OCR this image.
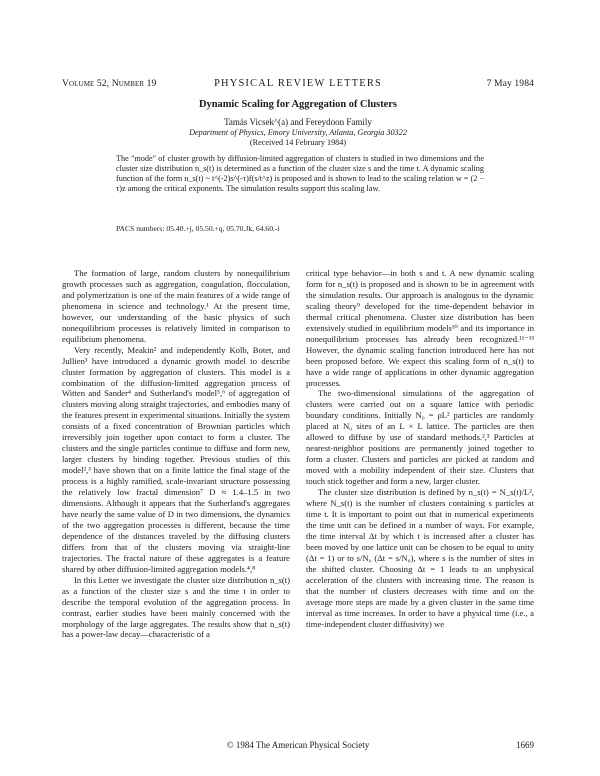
Volume 52, Number 19	PHYSICAL REVIEW LETTERS	7 May 1984
Dynamic Scaling for Aggregation of Clusters
Tamás Vicsek^(a) and Fereydoon Family
Department of Physics, Emory University, Atlanta, Georgia 30322
(Received 14 February 1984)
The "mode" of cluster growth by diffusion-limited aggregation of clusters is studied in two dimensions and the cluster size distribution n_s(t) is determined as a function of the cluster size s and the time t. A dynamic scaling function of the form n_s(t) ~ t^(-2)s^(-τ)f(s/t^z) is proposed and is shown to lead to the scaling relation w = (2 − τ)z among the critical exponents. The simulation results support this scaling law.
PACS numbers: 05.40.+j, 05.50.+q, 05.70.Jk, 64.60.-i

The formation of large, random clusters by nonequilibrium growth processes such as aggregation, coagulation, flocculation, and polymerization is one of the main features of a wide range of phenomena in science and technology.¹ At the present time, however, our understanding of the basic physics of such nonequilibrium processes is relatively limited in comparison to equilibrium phenomena.

Very recently, Meakin² and independently Kolb, Botet, and Jullien³ have introduced a dynamic growth model to describe cluster formation by aggregation of clusters. This model is a combination of the diffusion-limited aggregation process of Witten and Sander⁴ and Sutherland's model⁵,⁶ of aggregation of clusters moving along straight trajectories, and embodies many of the features present in experimental situations. Initially the system consists of a fixed concentration of Brownian particles which irreversibly join together upon contact to form a cluster. The clusters and the single particles continue to diffuse and form new, larger clusters by binding together. Previous studies of this model²,³ have shown that on a finite lattice the final stage of the process is a highly ramified, scale-invariant structure possessing the relatively low fractal dimension⁷ D ≈ 1.4–1.5 in two dimensions. Although it appears that the Sutherland's aggregates have nearly the same value of D in two dimensions, the dynamics of the two aggregation processes is different, because the time dependence of the distances traveled by the diffusing clusters differs from that of the clusters moving via straight-line trajectories. The fractal nature of these aggregates is a feature shared by other diffusion-limited aggregation models.⁴,⁸

In this Letter we investigate the cluster size distribution n_s(t) as a function of the cluster size s and the time t in order to describe the temporal evolution of the aggregation process. In contrast, earlier studies have been mainly concerned with the morphology of the large aggregates. The results show that n_s(t) has a power-law decay—characteristic of a

critical type behavior—in both s and t. A new dynamic scaling form for n_s(t) is proposed and is shown to be in agreement with the simulation results. Our approach is analogous to the dynamic scaling theory⁹ developed for the time-dependent behavior in thermal critical phenomena. Cluster size distribution has been extensively studied in equilibrium models¹⁰ and its importance in nonequilibrium processes has already been recognized.¹¹⁻¹³ However, the dynamic scaling function introduced here has not been proposed before. We expect this scaling form of n_s(t) to have a wide range of applications in other dynamic aggregation processes.

The two-dimensional simulations of the aggregation of clusters were carried out on a square lattice with periodic boundary conditions. Initially N₀ = ρL² particles are randomly placed at N₀ sites of an L × L lattice. The particles are then allowed to diffuse by use of standard methods.²,³ Particles at nearest-neighbor positions are permanently joined together to form a cluster. Clusters and particles are picked at random and moved with a mobility independent of their size. Clusters that touch stick together and form a new, larger cluster.

The cluster size distribution is defined by n_s(t) = N_s(t)/L², where N_s(t) is the number of clusters containing s particles at time t. It is important to point out that in numerical experiments the time unit can be defined in a number of ways. For example, the time interval Δt by which t is increased after a cluster has been moved by one lattice unit can be chosen to be equal to unity (Δt = 1) or to s/N₀ (Δt = s/N₀), where s is the number of sites in the shifted cluster. Choosing Δt = 1 leads to an unphysical acceleration of the clusters with increasing time. The reason is that the number of clusters decreases with time and on the average more steps are made by a given cluster in the same time interval as time increases. In order to have a physical time (i.e., a time-independent cluster diffusivity) we

© 1984 The American Physical Society	1669
